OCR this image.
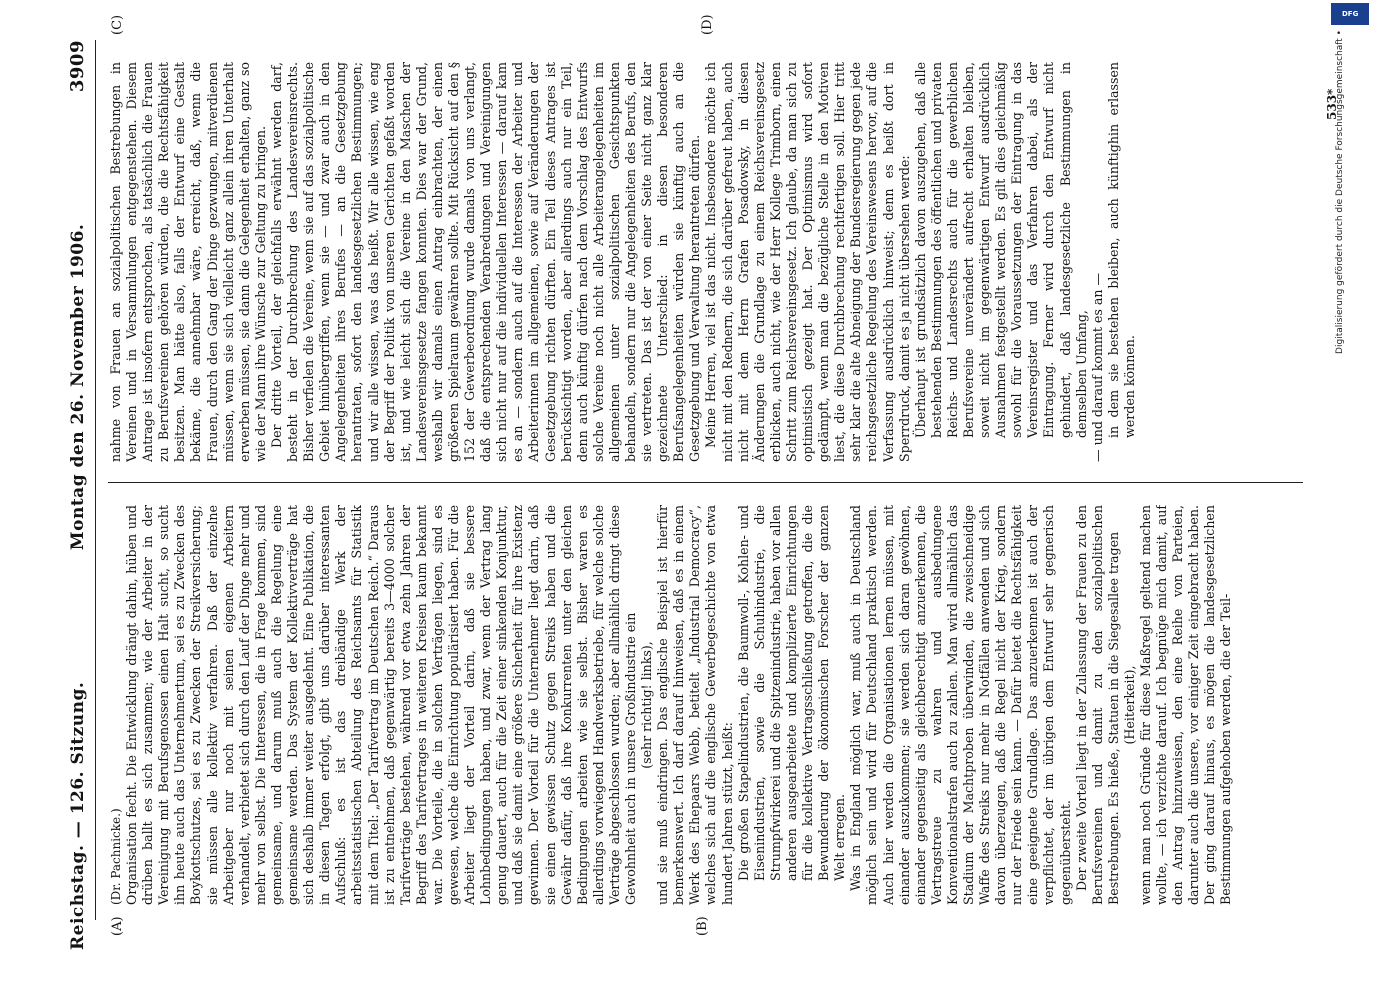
Reichstag. — 126. Sitzung.
Montag den 26. November 1906.
3909
(A)	(B)
(C)	(D)

(Dr. Pachnicke.) Organisation fecht. Die Entwicklung drängt dahin, hüben und drüben ballt es sich zusammen; wie der Arbeiter in der Vereinigung mit Berufsgenossen einen Halt sucht, so sucht ihn heute auch das Unternehmertum, sei es zu Zwecken des Boykottschutzes, sei es zu Zwecken der Streikversicherung; sie müssen alle kollektiv verfahren. Daß der einzelne Arbeitgeber nur noch mit seinen eigenen Arbeitern verhandelt, verbietet sich durch den Lauf der Dinge mehr und mehr von selbst. Die Interessen, die in Frage kommen, sind gemeinsame, und darum muß auch die Regelung eine gemeinsame werden. Das System der Kollektivverträge hat sich deshalb immer weiter ausgedehnt. Eine Publikation, die in diesen Tagen erfolgt, gibt uns darüber interessanten Aufschluß: es ist das dreibändige Werk der arbeitsstatistischen Abteilung des Reichsamts für Statistik mit dem Titel: „Der Tarifvertrag im Deutschen Reich.“ Daraus ist zu entnehmen, daß gegenwärtig bereits 3—4000 solcher Tarifverträge bestehen, während vor etwa zehn Jahren der Begriff des Tarifvertrages in weiteren Kreisen kaum bekannt war. Die Vorteile, die in solchen Verträgen liegen, sind es gewesen, welche die Einrichtung populärisiert haben. Für die Arbeiter liegt der Vorteil darin, daß sie bessere Lohnbedingungen haben, und zwar, wenn der Vertrag lang genug dauert, auch für die Zeit einer sinkenden Konjunktur, und daß sie damit eine größere Sicherheit für ihre Existenz gewinnen. Der Vorteil für die Unternehmer liegt darin, daß sie einen gewissen Schutz gegen Streiks haben und die Gewähr dafür, daß ihre Konkurrenten unter den gleichen Bedingungen arbeiten wie sie selbst. Bisher waren es allerdings vorwiegend Handwerksbetriebe, für welche solche Verträge abgeschlossen wurden; aber allmählich dringt diese Gewohnheit auch in unsere Großindustrie ein (sehr richtig! links), und sie muß eindringen. Das englische Beispiel ist hierfür bemerkenswert. Ich darf darauf hinweisen, daß es in einem Werk des Ehepaars Webb, betitelt „Industrial Democracy“, welches sich auf die englische Gewerbegeschichte von etwa hundert Jahren stützt, heißt: Die großen Stapelindustrien, die Baumwoll-, Kohlen- und Eisenindustrien, sowie die Schuhindustrie, die Strumpfwirkerei und die Spitzenindustrie, haben vor allen anderen ausgearbeitete und komplizierte Einrichtungen für die kollektive Vertragsschließung getroffen, die die Bewunderung der ökonomischen Forscher der ganzen Welt erregen. Was in England möglich war, muß auch in Deutschland möglich sein und wird für Deutschland praktisch werden. Auch hier werden die Organisationen lernen müssen, mit einander auszukommen; sie werden sich daran gewöhnen, einander gegenseitig als gleichberechtigt anzuerkennen, die Vertragstreue zu wahren und ausbedungene Konventionalstrafen auch zu zahlen. Man wird allmählich das Stadium der Machtproben überwinden, die zweischneidige Waffe des Streiks nur mehr in Notfällen anwenden und sich davon überzeugen, daß die Regel nicht der Krieg, sondern nur der Friede sein kann. — Dafür bietet die Rechtsfähigkeit eine geeignete Grundlage. Das anzuerkennen ist auch der verpflichtet, der im übrigen dem Entwurf sehr gegnerisch gegenübersteht. Der zweite Vorteil liegt in der Zulassung der Frauen zu den Berufsvereinen und damit zu den sozialpolitischen Bestrebungen. Es hieße, Statuen in die Siegesallee tragen (Heiterkeit), wenn man noch Gründe für diese Maßregel geltend machen wollte, — ich verzichte darauf. Ich begnüge mich damit, auf den Antrag hinzuweisen, den eine Reihe von Parteien, darunter auch die unsere, vor einiger Zeit eingebracht haben. Der ging darauf hinaus, es mögen die landesgesetzlichen Bestimmungen aufgehoben werden, die der Teil-

nahme von Frauen an sozialpolitischen Bestrebungen in Vereinen und in Versammlungen entgegenstehen. Diesem Antrage ist insofern entsprochen, als tatsächlich die Frauen zu Berufsvereinen gehören würden, die die Rechtsfähigkeit besitzen. Man hätte also, falls der Entwurf eine Gestalt bekäme, die annehmbar wäre, erreicht, daß, wenn die Frauen, durch den Gang der Dinge gezwungen, mitverdienen müssen, wenn sie sich vielleicht ganz allein ihren Unterhalt erwerben müssen, sie dann die Gelegenheit erhalten, ganz so wie der Mann ihre Wünsche zur Geltung zu bringen. Der dritte Vorteil, der gleichfalls erwähnt werden darf, besteht in der Durchbrechung des Landesvereinsrechts. Bisher verfielen die Vereine, wenn sie auf das sozialpolitische Gebiet hinübergriffen, wenn sie — und zwar auch in den Angelegenheiten ihres Berufes — an die Gesetzgebung herantraten, sofort den landesgesetzlichen Bestimmungen; und wir alle wissen, was das heißt. Wir alle wissen, wie eng der Begriff der Politik von unseren Gerichten gefaßt worden ist, und wie leicht sich die Vereine in den Maschen der Landesvereinsgesetze fangen konnten. Dies war der Grund, weshalb wir damals einen Antrag einbrachten, der einen größeren Spielraum gewähren sollte. Mit Rücksicht auf den § 152 der Gewerbeordnung wurde damals von uns verlangt, daß die entsprechenden Verabredungen und Vereinigungen sich nicht nur auf die individuellen Interessen — darauf kam es an — sondern auch auf die Interessen der Arbeiter und Arbeiterinnen im allgemeinen, sowie auf Veränderungen der Gesetzgebung richten dürften. Ein Teil dieses Antrages ist berücksichtigt worden, aber allerdings auch nur ein Teil, denn auch künftig dürfen nach dem Vorschlag des Entwurfs solche Vereine noch nicht alle Arbeiterangelegenheiten im allgemeinen unter sozialpolitischen Gesichtspunkten behandeln, sondern nur die Angelegenheiten des Berufs, den sie vertreten. Das ist der von einer Seite nicht ganz klar gezeichnete Unterschied: in diesen besonderen Berufsangelegenheiten würden sie künftig auch an die Gesetzgebung und Verwaltung herantreten dürfen. Meine Herren, viel ist das nicht. Insbesondere möchte ich nicht mit den Rednern, die sich darüber gefreut haben, auch nicht mit dem Herrn Grafen Posadowsky, in diesen Änderungen die Grundlage zu einem Reichsvereinsgesetz erblicken, auch nicht, wie der Herr Kollege Trimborn, einen Schritt zum Reichsvereinsgesetz. Ich glaube, da man sich zu optimistisch gezeigt hat. Der Optimismus wird sofort gedämpft, wenn man die bezügliche Stelle in den Motiven liest, die diese Durchbrechung rechtfertigen soll. Hier tritt sehr klar die alte Abneigung der Bundesregierung gegen jede reichsgesetzliche Regelung des Vereinswesens hervor, auf die Verfassung ausdrücklich hinweist; denn es heißt dort in Sperrdruck, damit es ja nicht übersehen werde: Überhaupt ist grundsätzlich davon auszugehen, daß alle bestehenden Bestimmungen des öffentlichen und privaten Reichs- und Landesrechts auch für die gewerblichen Berufsvereine unverändert aufrecht erhalten bleiben, soweit nicht im gegenwärtigen Entwurf ausdrücklich Ausnahmen festgestellt werden. Es gilt dies gleichmäßig sowohl für die Voraussetzungen der Eintragung in das Vereinsregister und das Verfahren dabei, als der Eintragung. Ferner wird durch den Entwurf nicht gehindert, daß landesgesetzliche Bestimmungen in demselben Umfang, — und darauf kommt es an — in dem sie bestehen bleiben, auch künftighin erlassen werden können.

533*
Digitalisierung gefördert durch die Deutsche Forschungsgemeinschaft •
DFG
